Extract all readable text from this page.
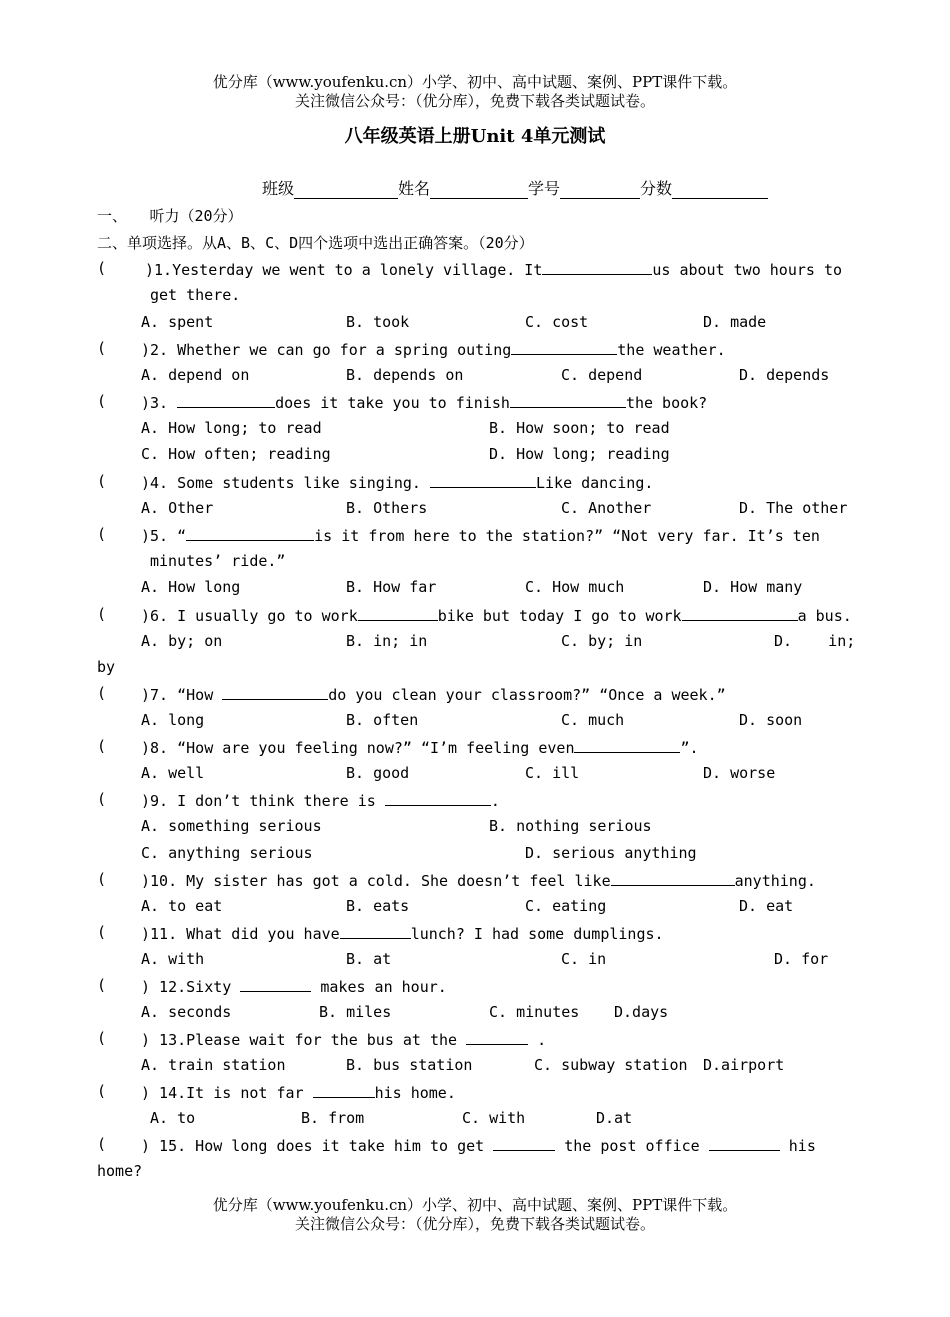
优分库（www.youfenku.cn）小学、初中、高中试题、案例、PPT课件下载。
关注微信公众号：（优分库），免费下载各类试题试卷。
八年级英语上册Unit 4单元测试
班级	姓名	学号	分数
一、　　听力（20分）
二、单项选择。从A、B、C、D四个选项中选出正确答案。（20分）
(	)1.Yesterday we went to a lonely village. It	us about two hours to
get there.
A. spent	B. took	C. cost	D. made
( )2. Whether we can go for a spring outing	the weather.
A. depend on	B. depends on	C. depend	D. depends
( )3.	does it take you to finish	the book?
A. How long; to read	B. How soon; to read
C. How often; reading	D. How long; reading
( )4. Some students like singing.	Like dancing.
A. Other	B. Others	C. Another	D. The other
( )5. “	is it from here to the station?” “Not very far. It’s ten
minutes’ ride.”
A. How long	B. How far	C. How much	D. How many
( )6. I usually go to work	bike but today I go to work	a bus.
A. by; on	B. in; in	C. by; in	D.    in;
by
( )7. “How	do you clean your classroom?” “Once a week.”
A. long	B. often	C. much	D. soon
( )8. “How are you feeling now?” “I’m feeling even	”.
A. well	B. good	C. ill	D. worse
( )9. I don’t think there is	.
A. something serious	B. nothing serious
C. anything serious	D. serious anything
( )10. My sister has got a cold. She doesn’t feel like	anything.
A. to eat	B. eats	C. eating	D. eat
( )11. What did you have	lunch? I had some dumplings.
A. with	B. at	C. in	D. for
( ) 12.Sixty	makes an hour.
A. seconds	B. miles	C. minutes D.days
( ) 13.Please wait for the bus at the	.
A. train station	B. bus station	C. subway station D.airport
( ) 14.It is not far	his home.
A. to	B. from	C. with	D.at
( ) 15. How long does it take him to get	the post office	his
home?
优分库（www.youfenku.cn）小学、初中、高中试题、案例、PPT课件下载。
关注微信公众号：（优分库），免费下载各类试题试卷。
